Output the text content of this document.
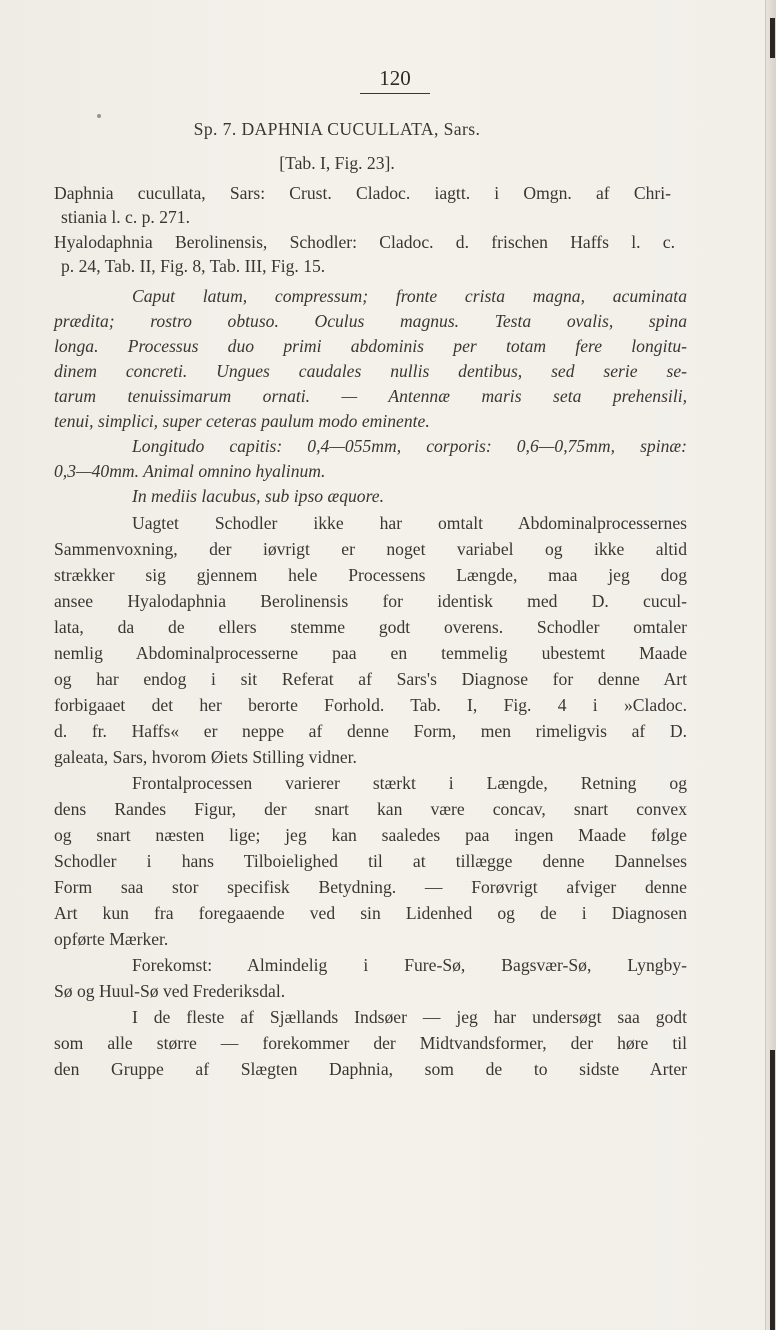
120
Sp. 7. DAPHNIA CUCULLATA, Sars.
[Tab. I, Fig. 23].
Daphnia cucullata, Sars: Crust. Cladoc. iagtt. i Omgn. af Chri-
stiania l. c. p. 271.
Hyalodaphnia Berolinensis, Schodler: Cladoc. d. frischen Haffs l. c.
p. 24, Tab. II, Fig. 8, Tab. III, Fig. 15.
Caput latum, compressum; fronte crista magna, acuminata
prædita; rostro obtuso. Oculus magnus. Testa ovalis, spina
longa. Processus duo primi abdominis per totam fere longitu-
dinem concreti. Ungues caudales nullis dentibus, sed serie se-
tarum tenuissimarum ornati. — Antennæ maris seta prehensili,
tenui, simplici, super ceteras paulum modo eminente.
Longitudo capitis: 0,4—055mm, corporis: 0,6—0,75mm, spinæ:
0,3—40mm. Animal omnino hyalinum.
In mediis lacubus, sub ipso æquore.
Uagtet Schodler ikke har omtalt Abdominalprocessernes
Sammenvoxning, der iøvrigt er noget variabel og ikke altid
strækker sig gjennem hele Processens Længde, maa jeg dog
ansee Hyalodaphnia Berolinensis for identisk med D. cucul-
lata, da de ellers stemme godt overens. Schodler omtaler
nemlig Abdominalprocesserne paa en temmelig ubestemt Maade
og har endog i sit Referat af Sars's Diagnose for denne Art
forbigaaet det her berorte Forhold. Tab. I, Fig. 4 i »Cladoc.
d. fr. Haffs« er neppe af denne Form, men rimeligvis af D.
galeata, Sars, hvorom Øiets Stilling vidner.
Frontalprocessen varierer stærkt i Længde, Retning og
dens Randes Figur, der snart kan være concav, snart convex
og snart næsten lige; jeg kan saaledes paa ingen Maade følge
Schodler i hans Tilboielighed til at tillægge denne Dannelses
Form saa stor specifisk Betydning. — Forøvrigt afviger denne
Art kun fra foregaaende ved sin Lidenhed og de i Diagnosen
opførte Mærker.
Forekomst: Almindelig i Fure-Sø, Bagsvær-Sø, Lyngby-
Sø og Huul-Sø ved Frederiksdal.
I de fleste af Sjællands Indsøer — jeg har undersøgt saa godt
som alle større — forekommer der Midtvandsformer, der høre til
den Gruppe af Slægten Daphnia, som de to sidste Arter
